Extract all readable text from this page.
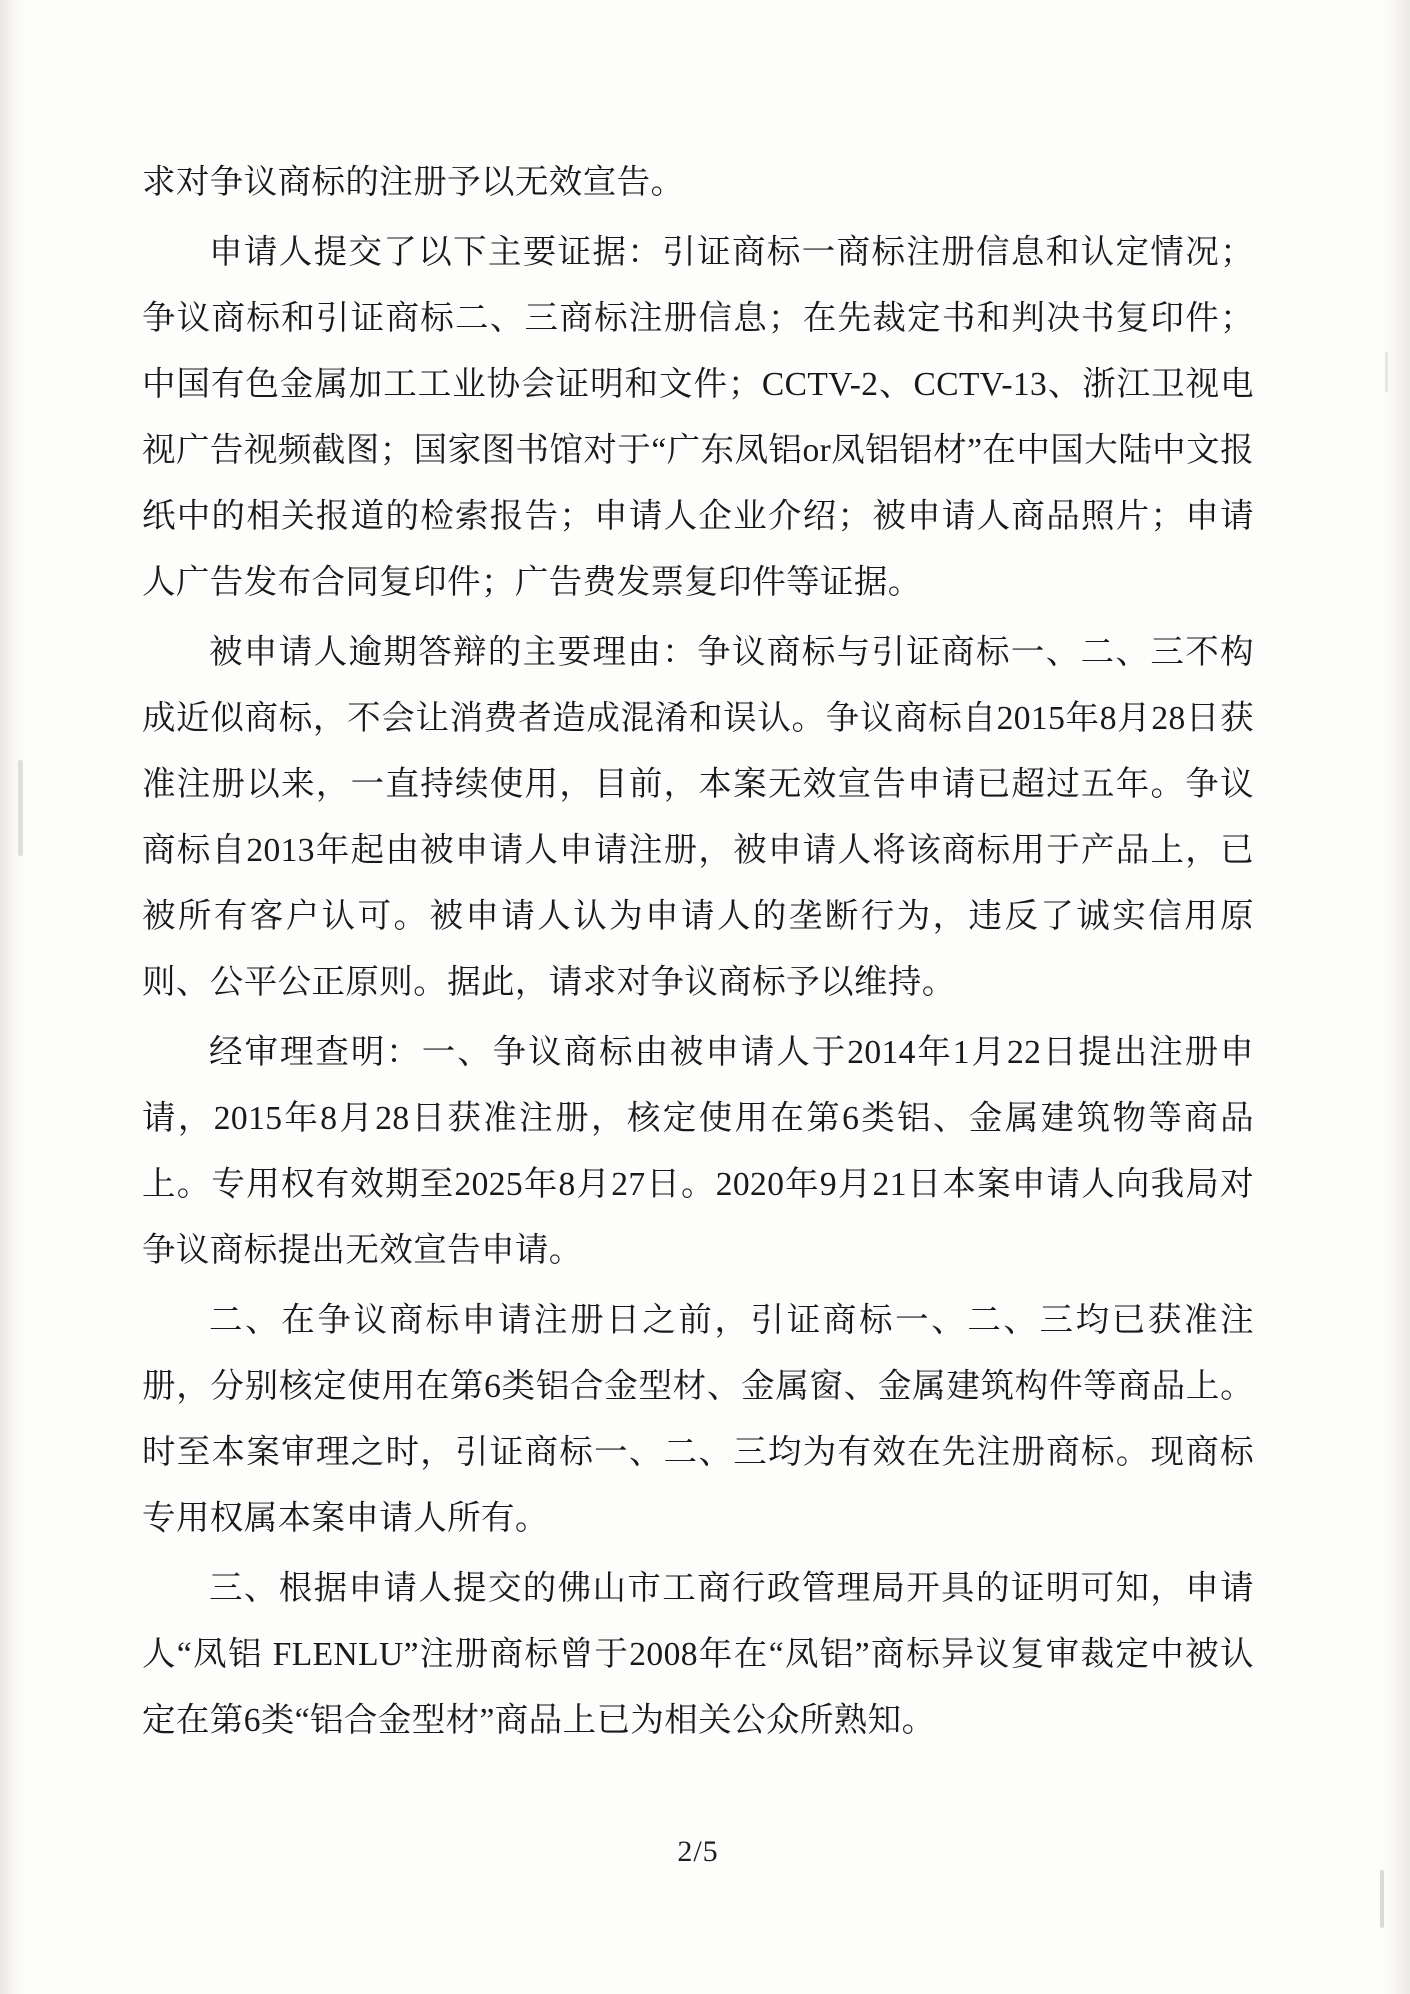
求对争议商标的注册予以无效宣告。

申请人提交了以下主要证据：引证商标一商标注册信息和认定情况；争议商标和引证商标二、三商标注册信息；在先裁定书和判决书复印件；中国有色金属加工工业协会证明和文件；CCTV-2、CCTV-13、浙江卫视电视广告视频截图；国家图书馆对于“广东凤铝or凤铝铝材”在中国大陆中文报纸中的相关报道的检索报告；申请人企业介绍；被申请人商品照片；申请人广告发布合同复印件；广告费发票复印件等证据。

被申请人逾期答辩的主要理由：争议商标与引证商标一、二、三不构成近似商标，不会让消费者造成混淆和误认。争议商标自2015年8月28日获准注册以来，一直持续使用，目前，本案无效宣告申请已超过五年。争议商标自2013年起由被申请人申请注册，被申请人将该商标用于产品上，已被所有客户认可。被申请人认为申请人的垄断行为，违反了诚实信用原则、公平公正原则。据此，请求对争议商标予以维持。

经审理查明：一、争议商标由被申请人于2014年1月22日提出注册申请，2015年8月28日获准注册，核定使用在第6类铝、金属建筑物等商品上。专用权有效期至2025年8月27日。2020年9月21日本案申请人向我局对争议商标提出无效宣告申请。

二、在争议商标申请注册日之前，引证商标一、二、三均已获准注册，分别核定使用在第6类铝合金型材、金属窗、金属建筑构件等商品上。时至本案审理之时，引证商标一、二、三均为有效在先注册商标。现商标专用权属本案申请人所有。

三、根据申请人提交的佛山市工商行政管理局开具的证明可知，申请人“凤铝 FLENLU”注册商标曾于2008年在“凤铝”商标异议复审裁定中被认定在第6类“铝合金型材”商品上已为相关公众所熟知。

2/5
